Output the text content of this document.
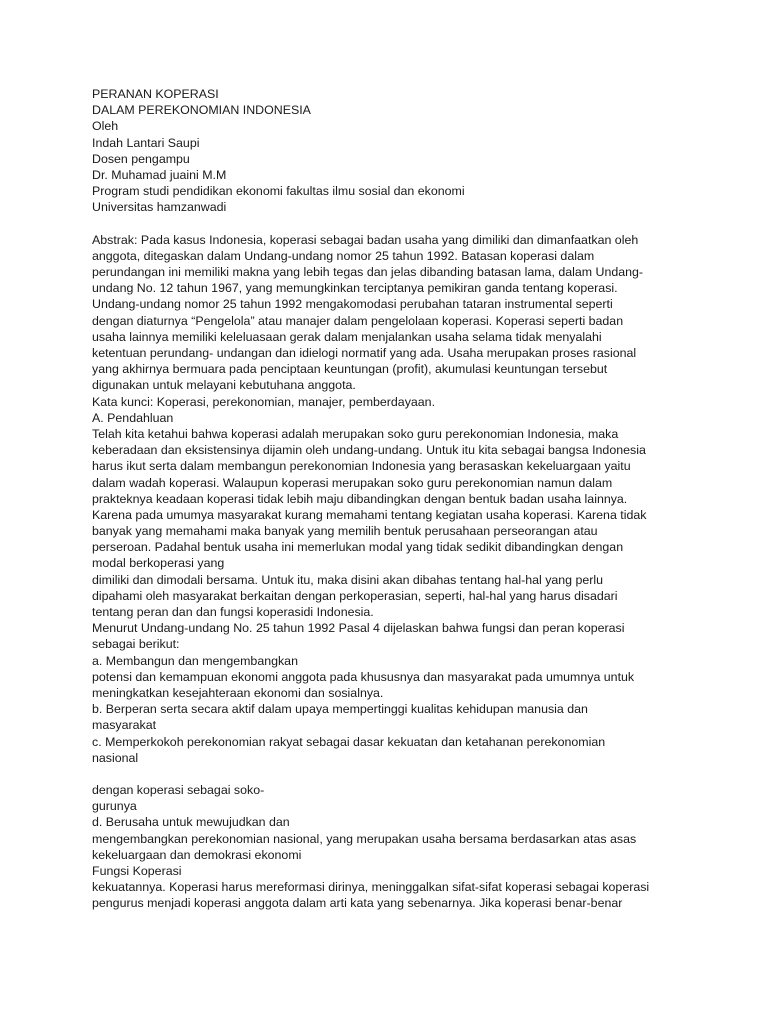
PERANAN KOPERASI
DALAM PEREKONOMIAN INDONESIA
Oleh
Indah Lantari Saupi
Dosen pengampu
Dr. Muhamad juaini M.M
Program studi pendidikan ekonomi fakultas ilmu sosial dan ekonomi
Universitas hamzanwadi
Abstrak: Pada kasus Indonesia, koperasi sebagai badan usaha yang dimiliki dan dimanfaatkan oleh
anggota, ditegaskan dalam Undang-undang nomor 25 tahun 1992. Batasan koperasi dalam
perundangan ini memiliki makna yang lebih tegas dan jelas dibanding batasan lama, dalam Undang-
undang No. 12 tahun 1967, yang memungkinkan terciptanya pemikiran ganda tentang koperasi.
Undang-undang nomor 25 tahun 1992 mengakomodasi perubahan tataran instrumental seperti
dengan diaturnya “Pengelola” atau manajer dalam pengelolaan koperasi. Koperasi seperti badan
usaha lainnya memiliki keleluasaan gerak dalam menjalankan usaha selama tidak menyalahi
ketentuan perundang- undangan dan idielogi normatif yang ada. Usaha merupakan proses rasional
yang akhirnya bermuara pada penciptaan keuntungan (profit), akumulasi keuntungan tersebut
digunakan untuk melayani kebutuhana anggota.
Kata kunci: Koperasi, perekonomian, manajer, pemberdayaan.
A. Pendahluan
Telah kita ketahui bahwa koperasi adalah merupakan soko guru perekonomian Indonesia, maka
keberadaan dan eksistensinya dijamin oleh undang-undang. Untuk itu kita sebagai bangsa Indonesia
harus ikut serta dalam membangun perekonomian Indonesia yang berasaskan kekeluargaan yaitu
dalam wadah koperasi. Walaupun koperasi merupakan soko guru perekonomian namun dalam
prakteknya keadaan koperasi tidak lebih maju dibandingkan dengan bentuk badan usaha lainnya.
Karena pada umumya masyarakat kurang memahami tentang kegiatan usaha koperasi. Karena tidak
banyak yang memahami maka banyak yang memilih bentuk perusahaan perseorangan atau
perseroan. Padahal bentuk usaha ini memerlukan modal yang tidak sedikit dibandingkan dengan
modal berkoperasi yang
dimiliki dan dimodali bersama. Untuk itu, maka disini akan dibahas tentang hal-hal yang perlu
dipahami oleh masyarakat berkaitan dengan perkoperasian, seperti, hal-hal yang harus disadari
tentang peran dan dan fungsi koperasidi Indonesia.
Menurut Undang-undang No. 25 tahun 1992 Pasal 4 dijelaskan bahwa fungsi dan peran koperasi
sebagai berikut:
a. Membangun dan mengembangkan
potensi dan kemampuan ekonomi anggota pada khususnya dan masyarakat pada umumnya untuk
meningkatkan kesejahteraan ekonomi dan sosialnya.
b. Berperan serta secara aktif dalam upaya mempertinggi kualitas kehidupan manusia dan
masyarakat
c. Memperkokoh perekonomian rakyat sebagai dasar kekuatan dan ketahanan perekonomian
nasional
dengan koperasi sebagai soko-
gurunya
d. Berusaha untuk mewujudkan dan
mengembangkan perekonomian nasional, yang merupakan usaha bersama berdasarkan atas asas
kekeluargaan dan demokrasi ekonomi
Fungsi Koperasi
kekuatannya. Koperasi harus mereformasi dirinya, meninggalkan sifat-sifat koperasi sebagai koperasi
pengurus menjadi koperasi anggota dalam arti kata yang sebenarnya. Jika koperasi benar-benar
